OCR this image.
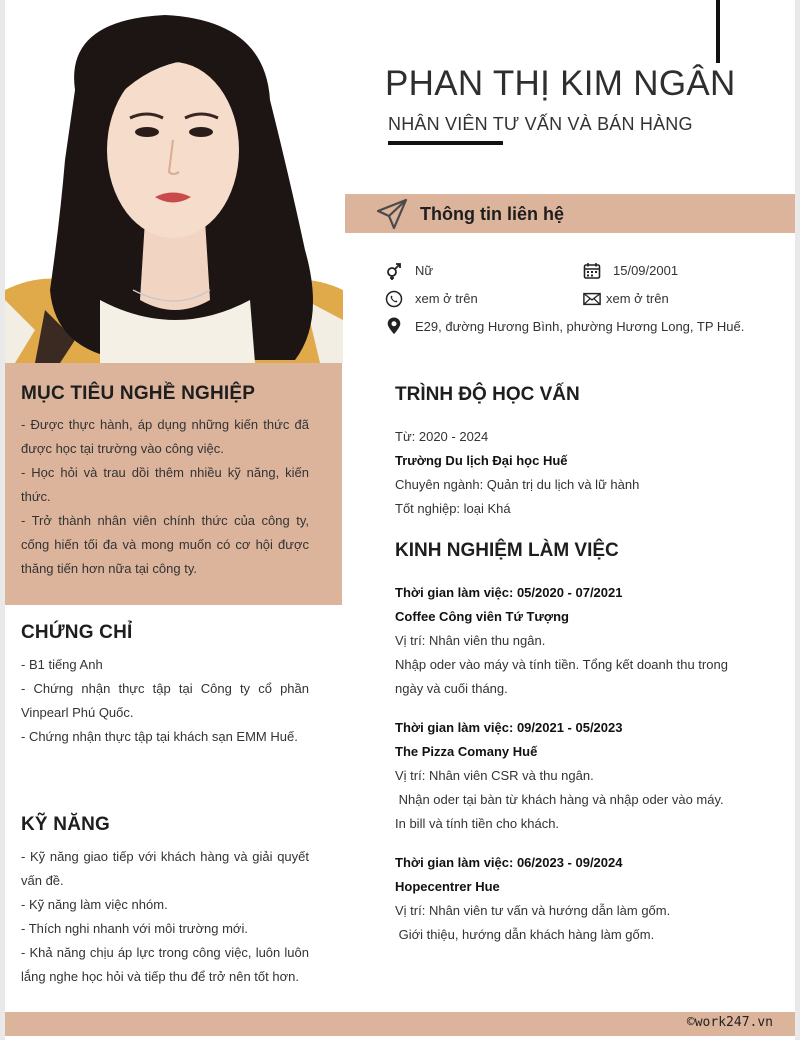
PHAN THỊ KIM NGÂN
NHÂN VIÊN TƯ VẤN VÀ BÁN HÀNG
Thông tin liên hệ
Nữ	15/09/2001
xem ở trên	xem ở trên
E29, đường Hương Bình, phường Hương Long, TP Huế.
MỤC TIÊU NGHỀ NGHIỆP
- Được thực hành, áp dụng những kiến thức đã được học tại trường vào công việc.
- Học hỏi và trau dồi thêm nhiều kỹ năng, kiến thức.
- Trở thành nhân viên chính thức của công ty, cống hiến tối đa và mong muốn có cơ hội được thăng tiến hơn nữa tại công ty.
CHỨNG CHỈ
- B1 tiếng Anh
- Chứng nhận thực tập tại Công ty cổ phần Vinpearl Phú Quốc.
- Chứng nhận thực tập tại khách sạn EMM Huế.
KỸ NĂNG
- Kỹ năng giao tiếp với khách hàng và giải quyết vấn đề.
- Kỹ năng làm việc nhóm.
- Thích nghi nhanh với môi trường mới.
- Khả năng chịu áp lực trong công việc, luôn luôn lắng nghe học hỏi và tiếp thu để trở nên tốt hơn.
TRÌNH ĐỘ HỌC VẤN
Từ: 2020 - 2024
Trường Du lịch Đại học Huế
Chuyên ngành: Quản trị du lịch và lữ hành
Tốt nghiệp: loại Khá
KINH NGHIỆM LÀM VIỆC
Thời gian làm việc: 05/2020 - 07/2021
Coffee Công viên Tứ Tượng
Vị trí: Nhân viên thu ngân.
Nhập oder vào máy và tính tiền. Tổng kết doanh thu trong
ngày và cuối tháng.
Thời gian làm việc: 09/2021 - 05/2023
The Pizza Comany Huế
Vị trí: Nhân viên CSR và thu ngân.
Nhận oder tại bàn từ khách hàng và nhập oder vào máy.
In bill và tính tiền cho khách.
Thời gian làm việc: 06/2023 - 09/2024
Hopecentrer Hue
Vị trí: Nhân viên tư vấn và hướng dẫn làm gốm.
Giới thiệu, hướng dẫn khách hàng làm gốm.
©work247.vn
